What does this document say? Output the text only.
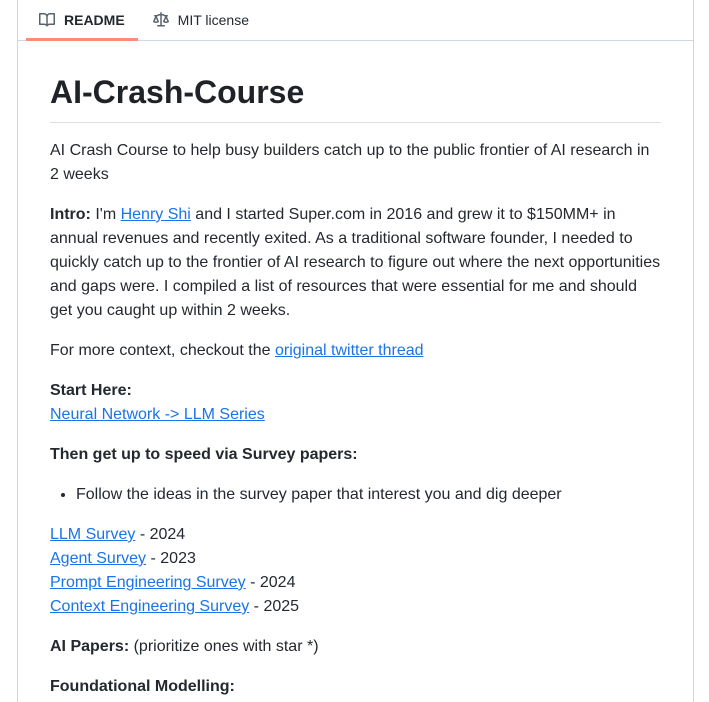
README	MIT license
AI-Crash-Course

AI Crash Course to help busy builders catch up to the public frontier of AI research in 2 weeks

Intro: I'm Henry Shi and I started Super.com in 2016 and grew it to $150MM+ in annual revenues and recently exited. As a traditional software founder, I needed to quickly catch up to the frontier of AI research to figure out where the next opportunities and gaps were. I compiled a list of resources that were essential for me and should get you caught up within 2 weeks.

For more context, checkout the original twitter thread

Start Here:
Neural Network -> LLM Series

Then get up to speed via Survey papers:

• Follow the ideas in the survey paper that interest you and dig deeper

LLM Survey - 2024
Agent Survey - 2023
Prompt Engineering Survey - 2024
Context Engineering Survey - 2025

AI Papers: (prioritize ones with star *)

Foundational Modelling:
